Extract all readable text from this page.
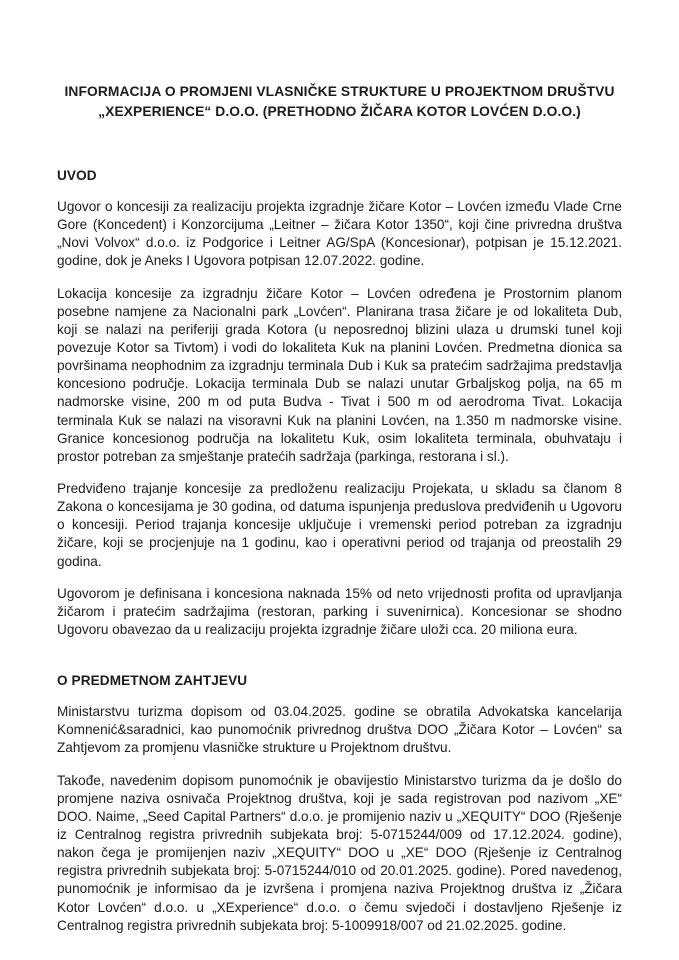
INFORMACIJA O PROMJENI VLASNIČKE STRUKTURE U PROJEKTNOM DRUŠTVU „XEXPERIENCE“ D.O.O. (PRETHODNO ŽIČARA KOTOR LOVĆEN D.O.O.)
UVOD

Ugovor o koncesiji za realizaciju projekta izgradnje žičare Kotor – Lovćen između Vlade Crne Gore (Koncedent) i Konzorcijuma „Leitner – žičara Kotor 1350“, koji čine privredna društva „Novi Volvox“ d.o.o. iz Podgorice i Leitner AG/SpA (Koncesionar), potpisan je 15.12.2021. godine, dok je Aneks I Ugovora potpisan 12.07.2022. godine.

Lokacija koncesije za izgradnju žičare Kotor – Lovćen određena je Prostornim planom posebne namjene za Nacionalni park „Lovćen“. Planirana trasa žičare je od lokaliteta Dub, koji se nalazi na periferiji grada Kotora (u neposrednoj blizini ulaza u drumski tunel koji povezuje Kotor sa Tivtom) i vodi do lokaliteta Kuk na planini Lovćen. Predmetna dionica sa površinama neophodnim za izgradnju terminala Dub i Kuk sa pratećim sadržajima predstavlja koncesiono područje. Lokacija terminala Dub se nalazi unutar Grbaljskog polja, na 65 m nadmorske visine, 200 m od puta Budva - Tivat i 500 m od aerodroma Tivat. Lokacija terminala Kuk se nalazi na visoravni Kuk na planini Lovćen, na 1.350 m nadmorske visine. Granice koncesionog područja na lokalitetu Kuk, osim lokaliteta terminala, obuhvataju i prostor potreban za smještanje pratećih sadržaja (parkinga, restorana i sl.).

Predviđeno trajanje koncesije za predloženu realizaciju Projekata, u skladu sa članom 8 Zakona o koncesijama je 30 godina, od datuma ispunjenja preduslova predviđenih u Ugovoru o koncesiji. Period trajanja koncesije uključuje i vremenski period potreban za izgradnju žičare, koji se procjenjuje na 1 godinu, kao i operativni period od trajanja od preostalih 29 godina.

Ugovorom je definisana i koncesiona naknada 15% od neto vrijednosti profita od upravljanja žičarom i pratećim sadržajima (restoran, parking i suvenirnica). Koncesionar se shodno Ugovoru obavezao da u realizaciju projekta izgradnje žičare uloži cca. 20 miliona eura.

O PREDMETNOM ZAHTJEVU

Ministarstvu turizma dopisom od 03.04.2025. godine se obratila Advokatska kancelarija Komnenić&saradnici, kao punomoćnik privrednog društva DOO „Žičara Kotor – Lovćen“ sa Zahtjevom za promjenu vlasničke strukture u Projektnom društvu.

Takođe, navedenim dopisom punomoćnik je obavijestio Ministarstvo turizma da je došlo do promjene naziva osnivača Projektnog društva, koji je sada registrovan pod nazivom „XE“ DOO. Naime, „Seed Capital Partners“ d.o.o. je promijenio naziv u „XEQUITY“ DOO (Rješenje iz Centralnog registra privrednih subjekata broj: 5-0715244/009 od 17.12.2024. godine), nakon čega je promijenjen naziv „XEQUITY“ DOO u „XE“ DOO (Rješenje iz Centralnog registra privrednih subjekata broj: 5-0715244/010 od 20.01.2025. godine). Pored navedenog, punomoćnik je informisao da je izvršena i promjena naziva Projektnog društva iz „Žičara Kotor Lovćen“ d.o.o. u „XExperience“ d.o.o. o čemu svjedoči i dostavljeno Rješenje iz Centralnog registra privrednih subjekata broj: 5-1009918/007 od 21.02.2025. godine.
